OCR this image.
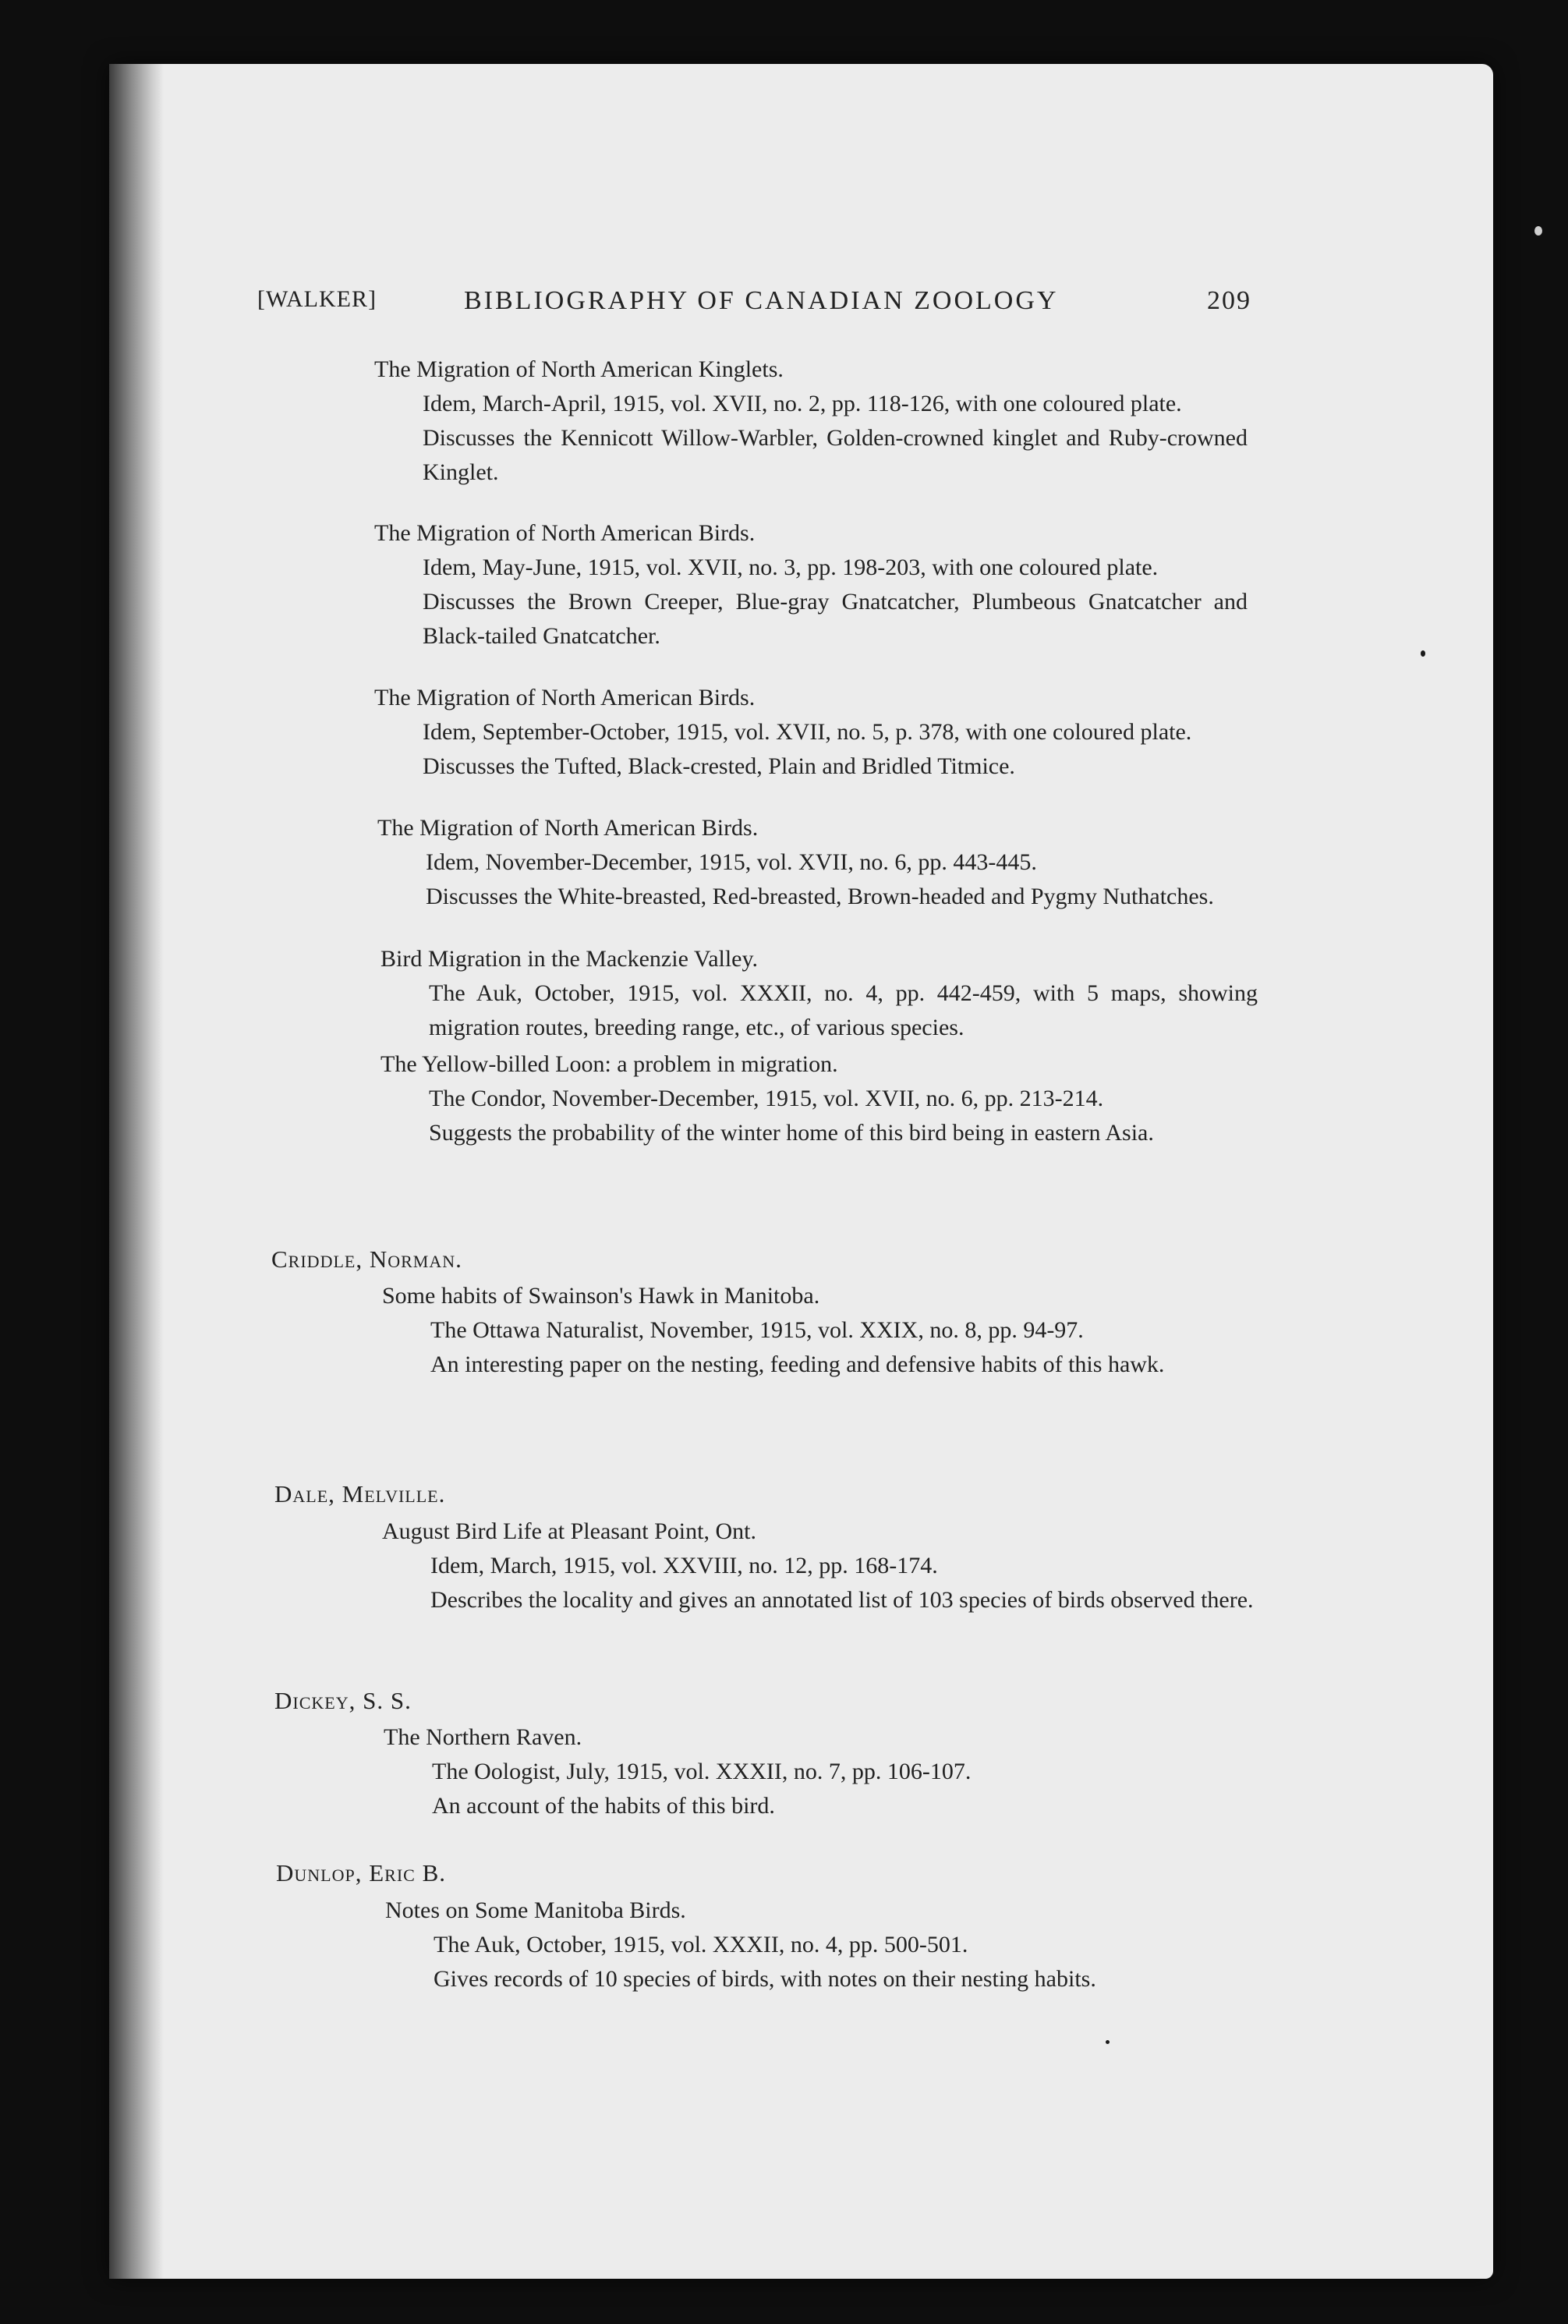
[WALKER]	BIBLIOGRAPHY OF CANADIAN ZOOLOGY	209

The Migration of North American Kinglets.

Idem, March-April, 1915, vol. XVII, no. 2, pp. 118-126, with one coloured plate.

Discusses the Kennicott Willow-Warbler, Golden-crowned kinglet and Ruby-crowned Kinglet.

The Migration of North American Birds.

Idem, May-June, 1915, vol. XVII, no. 3, pp. 198-203, with one coloured plate.

Discusses the Brown Creeper, Blue-gray Gnatcatcher, Plumbeous Gnatcatcher and Black-tailed Gnatcatcher.

The Migration of North American Birds.

Idem, September-October, 1915, vol. XVII, no. 5, p. 378, with one coloured plate.

Discusses the Tufted, Black-crested, Plain and Bridled Titmice.

The Migration of North American Birds.

Idem, November-December, 1915, vol. XVII, no. 6, pp. 443-445.

Discusses the White-breasted, Red-breasted, Brown-headed and Pygmy Nuthatches.

Bird Migration in the Mackenzie Valley.

The Auk, October, 1915, vol. XXXII, no. 4, pp. 442-459, with 5 maps, showing migration routes, breeding range, etc., of various species.

The Yellow-billed Loon: a problem in migration.

The Condor, November-December, 1915, vol. XVII, no. 6, pp. 213-214.

Suggests the probability of the winter home of this bird being in eastern Asia.

Criddle, Norman.

Some habits of Swainson's Hawk in Manitoba.

The Ottawa Naturalist, November, 1915, vol. XXIX, no. 8, pp. 94-97.

An interesting paper on the nesting, feeding and defensive habits of this hawk.

Dale, Melville.

August Bird Life at Pleasant Point, Ont.

Idem, March, 1915, vol. XXVIII, no. 12, pp. 168-174.

Describes the locality and gives an annotated list of 103 species of birds observed there.

Dickey, S. S.

The Northern Raven.

The Oologist, July, 1915, vol. XXXII, no. 7, pp. 106-107.

An account of the habits of this bird.

Dunlop, Eric B.

Notes on Some Manitoba Birds.

The Auk, October, 1915, vol. XXXII, no. 4, pp. 500-501.

Gives records of 10 species of birds, with notes on their nesting habits.
